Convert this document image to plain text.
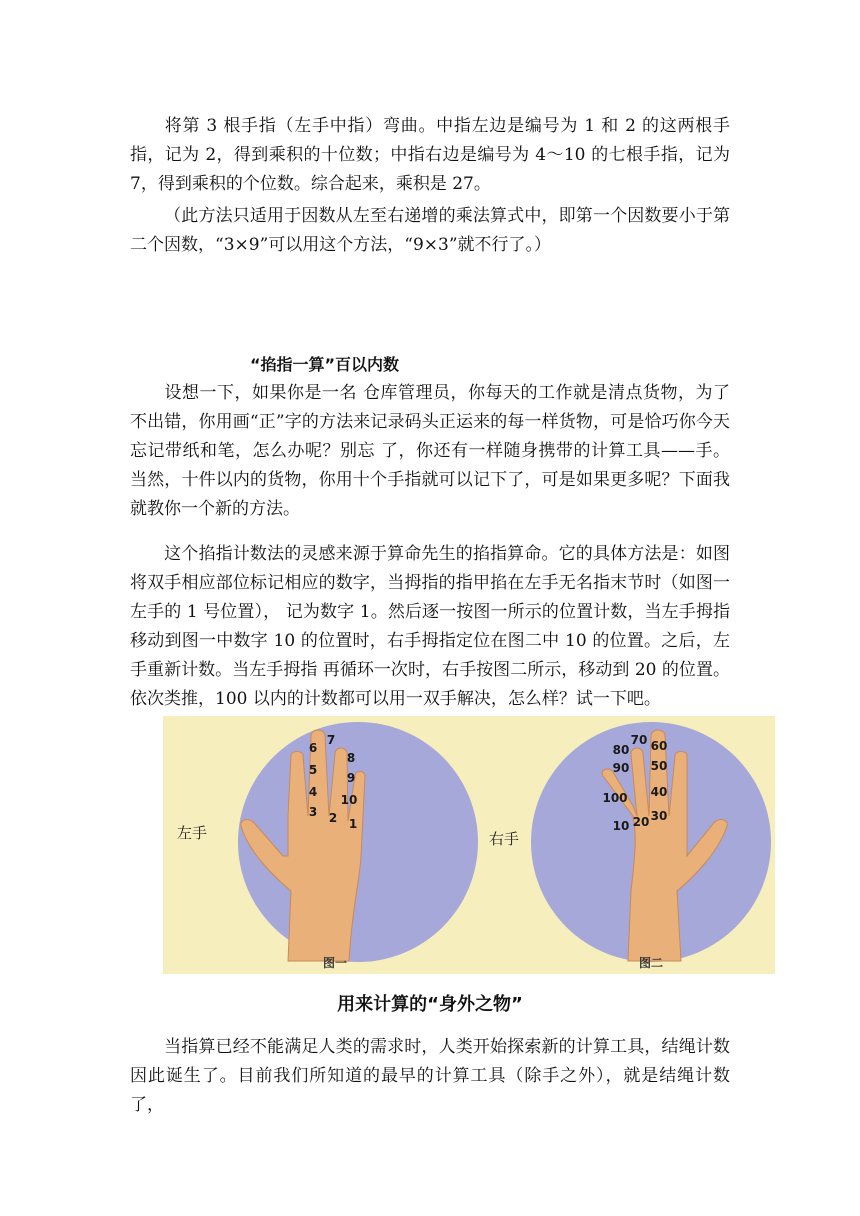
将第 3 根手指（左手中指）弯曲。中指左边是编号为 1 和 2 的这两根手指，记为 2，得到乘积的十位数；中指右边是编号为 4～10 的七根手指，记为 7，得到乘积的个位数。综合起来，乘积是 27。

（此方法只适用于因数从左至右递增的乘法算式中，即第一个因数要小于第二个因数，“3×9”可以用这个方法，“9×3”就不行了。）

“掐指一算”百以内数

设想一下，如果你是一名 仓库管理员，你每天的工作就是清点货物，为了不出错，你用画“正”字的方法来记录码头正运来的每一样货物，可是恰巧你今天忘记带纸和笔，怎么办呢？别忘 了，你还有一样随身携带的计算工具——手。当然，十件以内的货物，你用十个手指就可以记下了，可是如果更多呢？下面我就教你一个新的方法。

这个掐指计数法的灵感来源于算命先生的掐指算命。它的具体方法是：如图将双手相应部位标记相应的数字，当拇指的指甲掐在左手无名指末节时（如图一左手的 1 号位置）， 记为数字 1。然后逐一按图一所示的位置计数，当左手拇指移动到图一中数字 10 的位置时，右手拇指定位在图二中 10 的位置。之后，左手重新计数。当左手拇指 再循环一次时，右手按图二所示，移动到 20 的位置。依次类推，100 以内的计数都可以用一双手解决，怎么样？试一下吧。

左手	右手
图一	图二
1
2
3
4
5
6
7
8
9
10
10 20 30
40
50
60
70
80
90
100
用来计算的“身外之物”

当指算已经不能满足人类的需求时，人类开始探索新的计算工具，结绳计数因此诞生了。目前我们所知道的最早的计算工具（除手之外），就是结绳计数了，
